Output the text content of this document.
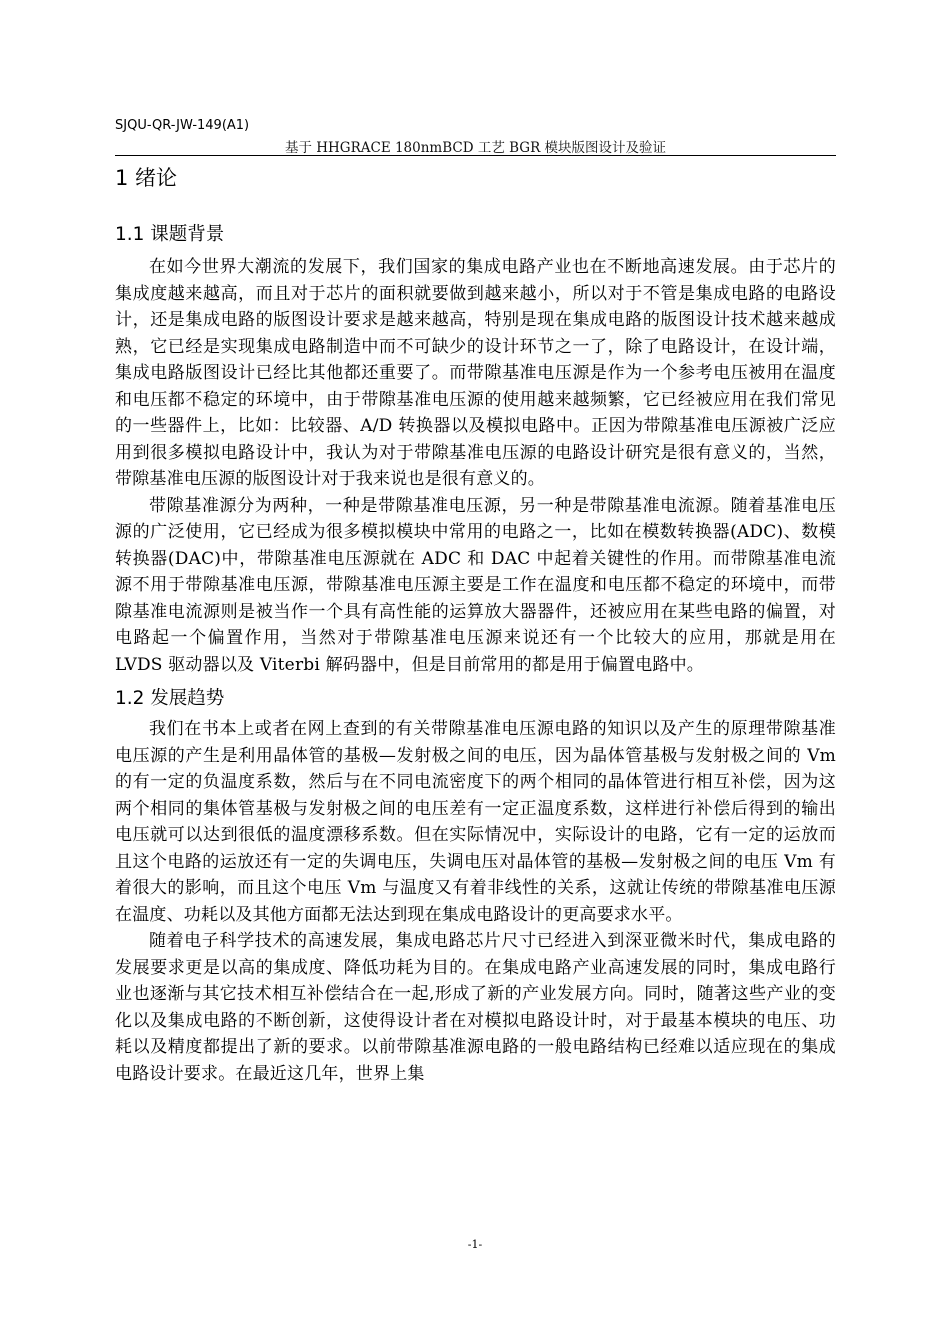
SJQU-QR-JW-149(A1)
基于 HHGRACE 180nmBCD 工艺 BGR 模块版图设计及验证
1 绪论
1.1 课题背景

在如今世界大潮流的发展下，我们国家的集成电路产业也在不断地高速发展。由于芯片的集成度越来越高，而且对于芯片的面积就要做到越来越小，所以对于不管是集成电路的电路设计，还是集成电路的版图设计要求是越来越高，特别是现在集成电路的版图设计技术越来越成熟，它已经是实现集成电路制造中而不可缺少的设计环节之一了，除了电路设计，在设计端，集成电路版图设计已经比其他都还重要了。而带隙基准电压源是作为一个参考电压被用在温度和电压都不稳定的环境中，由于带隙基准电压源的使用越来越频繁，它已经被应用在我们常见的一些器件上，比如：比较器、A/D 转换器以及模拟电路中。正因为带隙基准电压源被广泛应用到很多模拟电路设计中，我认为对于带隙基准电压源的电路设计研究是很有意义的，当然，带隙基准电压源的版图设计对于我来说也是很有意义的。

带隙基准源分为两种，一种是带隙基准电压源，另一种是带隙基准电流源。随着基准电压源的广泛使用，它已经成为很多模拟模块中常用的电路之一，比如在模数转换器(ADC)、数模转换器(DAC)中，带隙基准电压源就在 ADC 和 DAC 中起着关键性的作用。而带隙基准电流源不用于带隙基准电压源，带隙基准电压源主要是工作在温度和电压都不稳定的环境中，而带隙基准电流源则是被当作一个具有高性能的运算放大器器件，还被应用在某些电路的偏置，对电路起一个偏置作用，当然对于带隙基准电压源来说还有一个比较大的应用，那就是用在 LVDS 驱动器以及 Viterbi 解码器中，但是目前常用的都是用于偏置电路中。

1.2 发展趋势

我们在书本上或者在网上查到的有关带隙基准电压源电路的知识以及产生的原理带隙基准电压源的产生是利用晶体管的基极—发射极之间的电压，因为晶体管基极与发射极之间的 Vm 的有一定的负温度系数，然后与在不同电流密度下的两个相同的晶体管进行相互补偿，因为这两个相同的集体管基极与发射极之间的电压差有一定正温度系数，这样进行补偿后得到的输出电压就可以达到很低的温度漂移系数。但在实际情况中，实际设计的电路，它有一定的运放而且这个电路的运放还有一定的失调电压，失调电压对晶体管的基极—发射极之间的电压 Vm 有着很大的影响，而且这个电压 Vm 与温度又有着非线性的关系，这就让传统的带隙基准电压源在温度、功耗以及其他方面都无法达到现在集成电路设计的更高要求水平。

随着电子科学技术的高速发展，集成电路芯片尺寸已经进入到深亚微米时代，集成电路的发展要求更是以高的集成度、降低功耗为目的。在集成电路产业高速发展的同时，集成电路行业也逐渐与其它技术相互补偿结合在一起,形成了新的产业发展方向。同时，随著这些产业的变化以及集成电路的不断创新，这使得设计者在对模拟电路设计时，对于最基本模块的电压、功耗以及精度都提出了新的要求。以前带隙基准源电路的一般电路结构已经难以适应现在的集成电路设计要求。在最近这几年，世界上集

-1-
